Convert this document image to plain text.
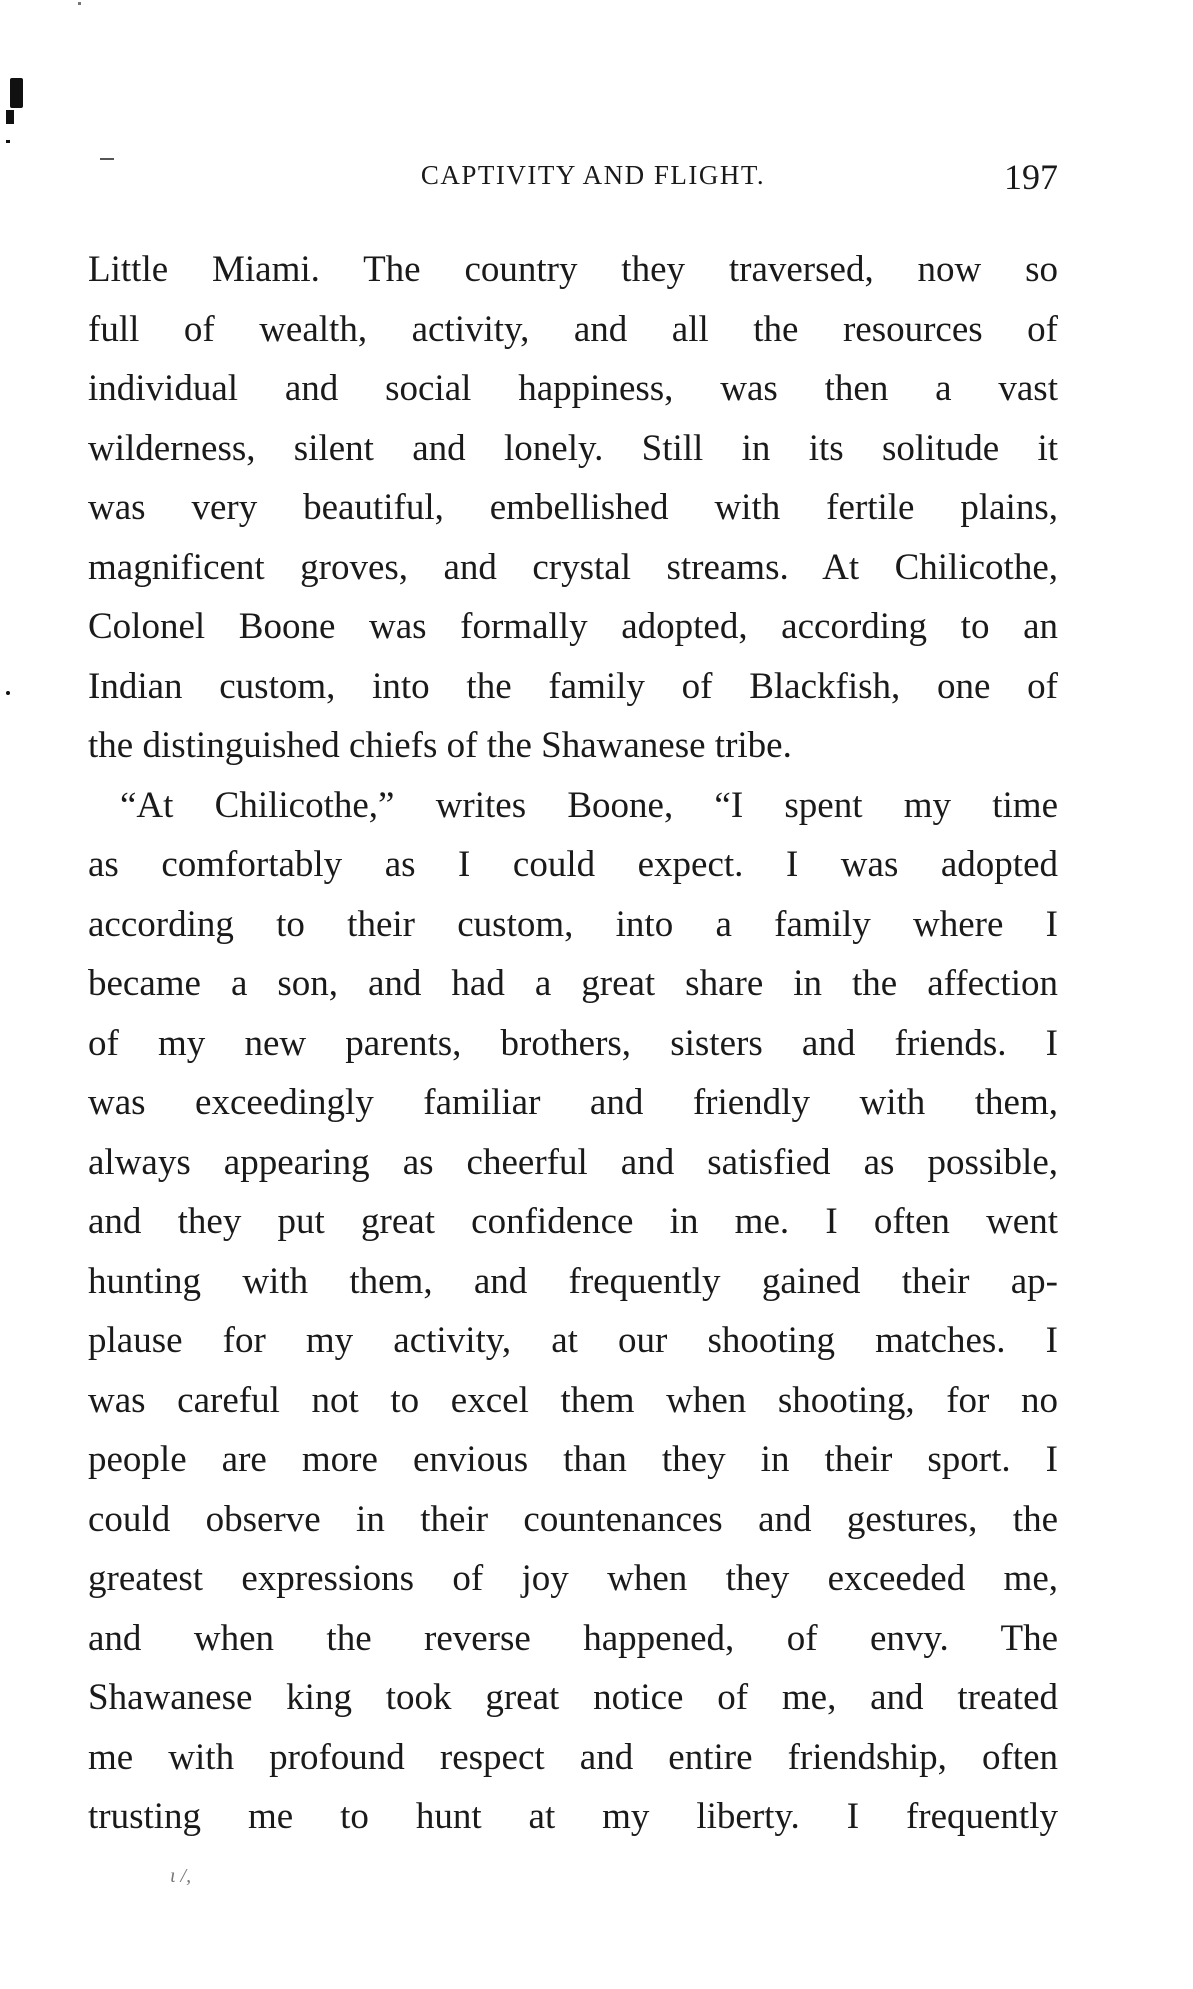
CAPTIVITY AND FLIGHT.	197
Little Miami. The country they traversed, now so
full of wealth, activity, and all the resources of
individual and social happiness, was then a vast
wilderness, silent and lonely. Still in its solitude it
was very beautiful, embellished with fertile plains,
magnificent groves, and crystal streams. At Chilicothe,
Colonel Boone was formally adopted, according to an
Indian custom, into the family of Blackfish, one of
the distinguished chiefs of the Shawanese tribe.
“At Chilicothe,” writes Boone, “I spent my time
as comfortably as I could expect. I was adopted
according to their custom, into a family where I
became a son, and had a great share in the affection
of my new parents, brothers, sisters and friends. I
was exceedingly familiar and friendly with them,
always appearing as cheerful and satisfied as possible,
and they put great confidence in me. I often went
hunting with them, and frequently gained their ap-
plause for my activity, at our shooting matches. I
was careful not to excel them when shooting, for no
people are more envious than they in their sport. I
could observe in their countenances and gestures, the
greatest expressions of joy when they exceeded me,
and when the reverse happened, of envy. The
Shawanese king took great notice of me, and treated
me with profound respect and entire friendship, often
trusting me to hunt at my liberty. I frequently
ι /,
